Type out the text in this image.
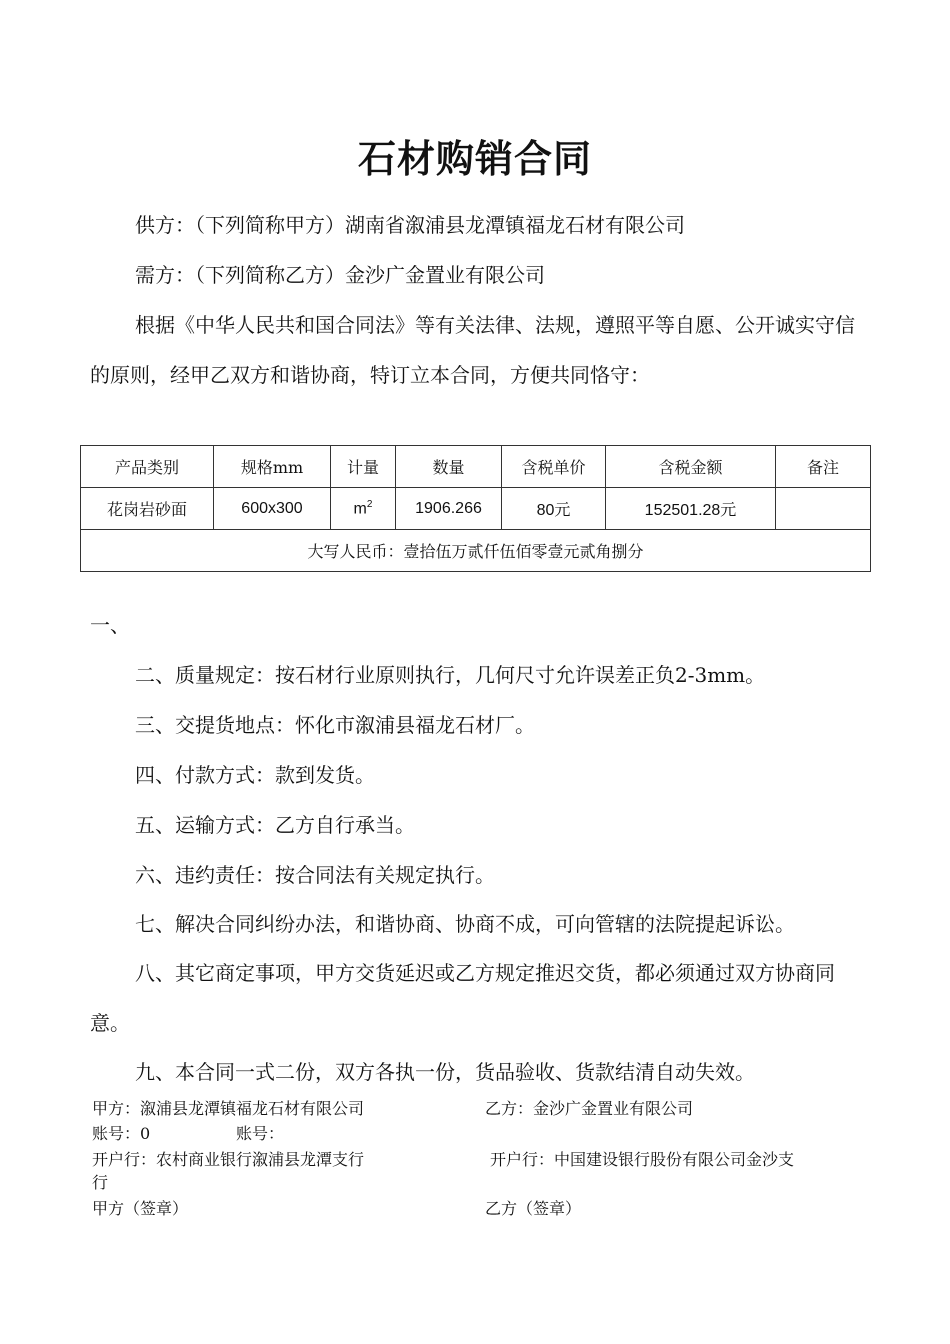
石材购销合同
供方：（下列简称甲方）湖南省溆浦县龙潭镇福龙石材有限公司
需方：（下列简称乙方）金沙广金置业有限公司
根据《中华人民共和国合同法》等有关法律、法规，遵照平等自愿、公开诚实守信的原则，经甲乙双方和谐协商，特订立本合同，方便共同恪守：
产品类别	规格mm	计量	数量	含税单价	含税金额	备注
花岗岩砂面	600x300	$m^2$	1906.266	80元	152501.28元	
大写人民币：壹拾伍万贰仟伍佰零壹元贰角捌分						
一、
二、质量规定：按石材行业原则执行，几何尺寸允许误差正负2-3mm。
三、交提货地点：怀化市溆浦县福龙石材厂。
四、付款方式：款到发货。
五、运输方式：乙方自行承当。
六、违约责任：按合同法有关规定执行。
七、解决合同纠纷办法，和谐协商、协商不成，可向管辖的法院提起诉讼。
八、其它商定事项，甲方交货延迟或乙方规定推迟交货，都必须通过双方协商同意。
九、本合同一式二份，双方各执一份，货品验收、货款结清自动失效。
甲方：溆浦县龙潭镇福龙石材有限公司	乙方：金沙广金置业有限公司
账号：0	账号：
开户行：农村商业银行溆浦县龙潭支行	开户行：中国建设银行股份有限公司金沙支
行
甲方（签章）	乙方（签章）
